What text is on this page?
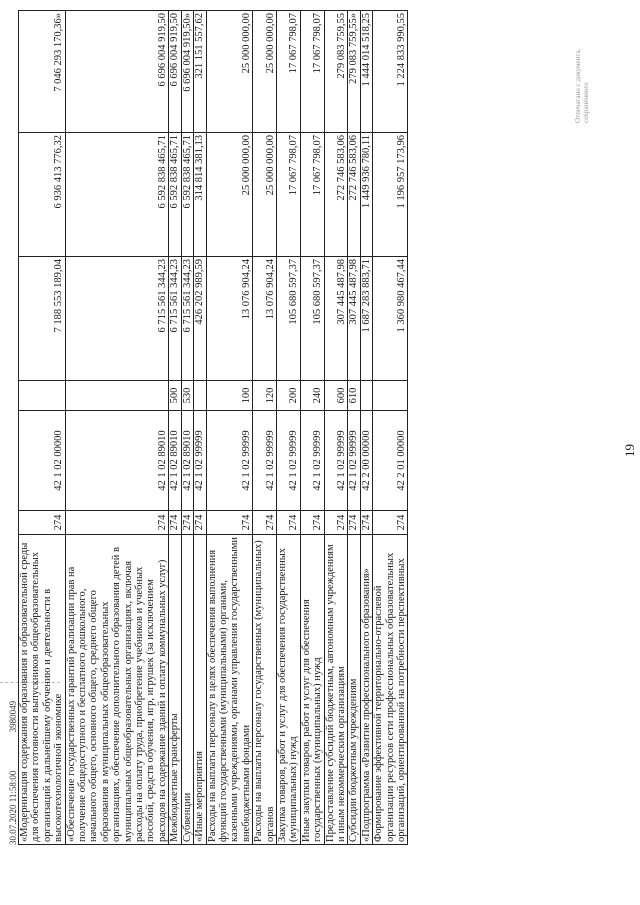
30.07.2020 11:58:00 3980049 «Модернизация содержания образования и образовательной среды для обеспечения готовности выпускников общеобразовательных организаций к дальнейшему обучению и деятельности в высокотехнологичной экономике	274	42 1 02 00000		7 188 553 189,04	6 936 413 776,32	7 046 293 170,36»
«Обеспечение государственных гарантий реализации прав на получение общедоступного и бесплатного дошкольного, начального общего, основного общего, среднего общего образования в муниципальных общеобразовательных организациях, обеспечение дополнительного образования детей в муниципальных общеобразовательных организациях, включая расходы на оплату труда, приобретение учебников и учебных пособий, средств обучения, игр, игрушек (за исключением расходов на содержание зданий и оплату коммунальных услуг)	274	42 1 02 89010		6 715 561 344,23	6 592 838 465,71	6 696 004 919,50
Межбюджетные трансферты	274	42 1 02 89010	500	6 715 561 344,23	6 592 838 465,71	6 696 004 919,50
Субвенции	274	42 1 02 89010	530	6 715 561 344,23	6 592 838 465,71	6 696 004 919,50»
«Иные мероприятия	274	42 1 02 99999		426 202 989,59	314 814 381,13	321 151 557,62
Расходы на выплаты персоналу в целях обеспечения выполнения функций государственными (муниципальными) органами, казенными учреждениями, органами управления государственными внебюджетными фондами	274	42 1 02 99999	100	13 076 904,24	25 000 000,00	25 000 000,00
Расходы на выплаты персоналу государственных (муниципальных) органов	274	42 1 02 99999	120	13 076 904,24	25 000 000,00	25 000 000,00
Закупка товаров, работ и услуг для обеспечения государственных (муниципальных) нужд	274	42 1 02 99999	200	105 680 597,37	17 067 798,07	17 067 798,07
Иные закупки товаров, работ и услуг для обеспечения государственных (муниципальных) нужд	274	42 1 02 99999	240	105 680 597,37	17 067 798,07	17 067 798,07
Предоставление субсидий бюджетным, автономным учреждениям и иным некоммерческим организациям	274	42 1 02 99999	600	307 445 487,98	272 746 583,06	279 083 759,55
Субсидии бюджетным учреждениям	274	42 1 02 99999	610	307 445 487,98	272 746 583,06	279 083 759,55»
«Подпрограмма «Развитие профессионального образования»	274	42 2 00 00000		1 687 283 883,71	1 449 936 780,11	1 444 014 518,25
Формирование эффективной территориально-отраслевой организации ресурсов сети профессиональных образовательных организаций, ориентированной на потребности перспективных	274	42 2 01 00000		1 360 980 467,44	1 196 957 173,96	1 224 833 990,55
19
Отпечатано с документа, сохраненного
